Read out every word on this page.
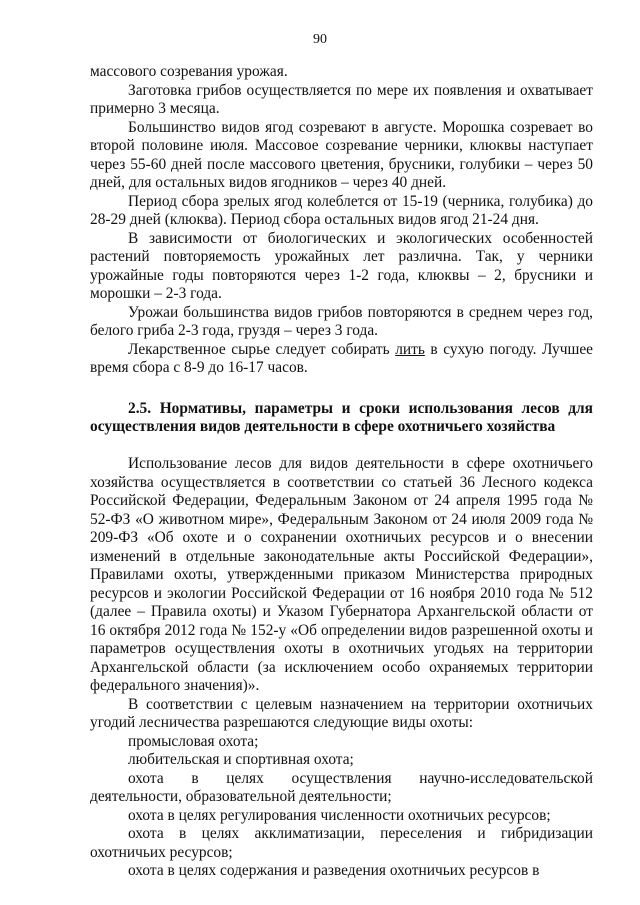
90

массового созревания урожая.

Заготовка грибов осуществляется по мере их появления и охватывает примерно 3 месяца.

Большинство видов ягод созревают в августе. Морошка созревает во второй половине июля. Массовое созревание черники, клюквы наступает через 55-60 дней после массового цветения, брусники, голубики – через 50 дней, для остальных видов ягодников – через 40 дней.

Период сбора зрелых ягод колеблется от 15-19 (черника, голубика) до 28-29 дней (клюква). Период сбора остальных видов ягод 21-24 дня.

В зависимости от биологических и экологических особенностей растений повторяемость урожайных лет различна. Так, у черники урожайные годы повторяются через 1-2 года, клюквы – 2, брусники и морошки – 2-3 года.

Урожаи большинства видов грибов повторяются в среднем через год, белого гриба 2-3 года, груздя – через 3 года.

Лекарственное сырье следует собирать лить в сухую погоду. Лучшее время сбора с 8-9 до 16-17 часов.

2.5. Нормативы, параметры и сроки использования лесов для осуществления видов деятельности в сфере охотничьего хозяйства

Использование лесов для видов деятельности в сфере охотничьего хозяйства осуществляется в соответствии со статьей 36 Лесного кодекса Российской Федерации, Федеральным Законом от 24 апреля 1995 года № 52-ФЗ «О животном мире», Федеральным Законом от 24 июля 2009 года № 209-ФЗ «Об охоте и о сохранении охотничьих ресурсов и о внесении изменений в отдельные законодательные акты Российской Федерации», Правилами охоты, утвержденными приказом Министерства природных ресурсов и экологии Российской Федерации от 16 ноября 2010 года № 512 (далее – Правила охоты) и Указом Губернатора Архангельской области от 16 октября 2012 года № 152-у «Об определении видов разрешенной охоты и параметров осуществления охоты в охотничьих угодьях на территории Архангельской области (за исключением особо охраняемых территории федерального значения)».

В соответствии с целевым назначением на территории охотничьих угодий лесничества разрешаются следующие виды охоты:

промысловая охота;

любительская и спортивная охота;

охота в целях осуществления научно-исследовательской деятельности, образовательной деятельности;

охота в целях регулирования численности охотничьих ресурсов;

охота в целях акклиматизации, переселения и гибридизации охотничьих ресурсов;

охота в целях содержания и разведения охотничьих ресурсов в
